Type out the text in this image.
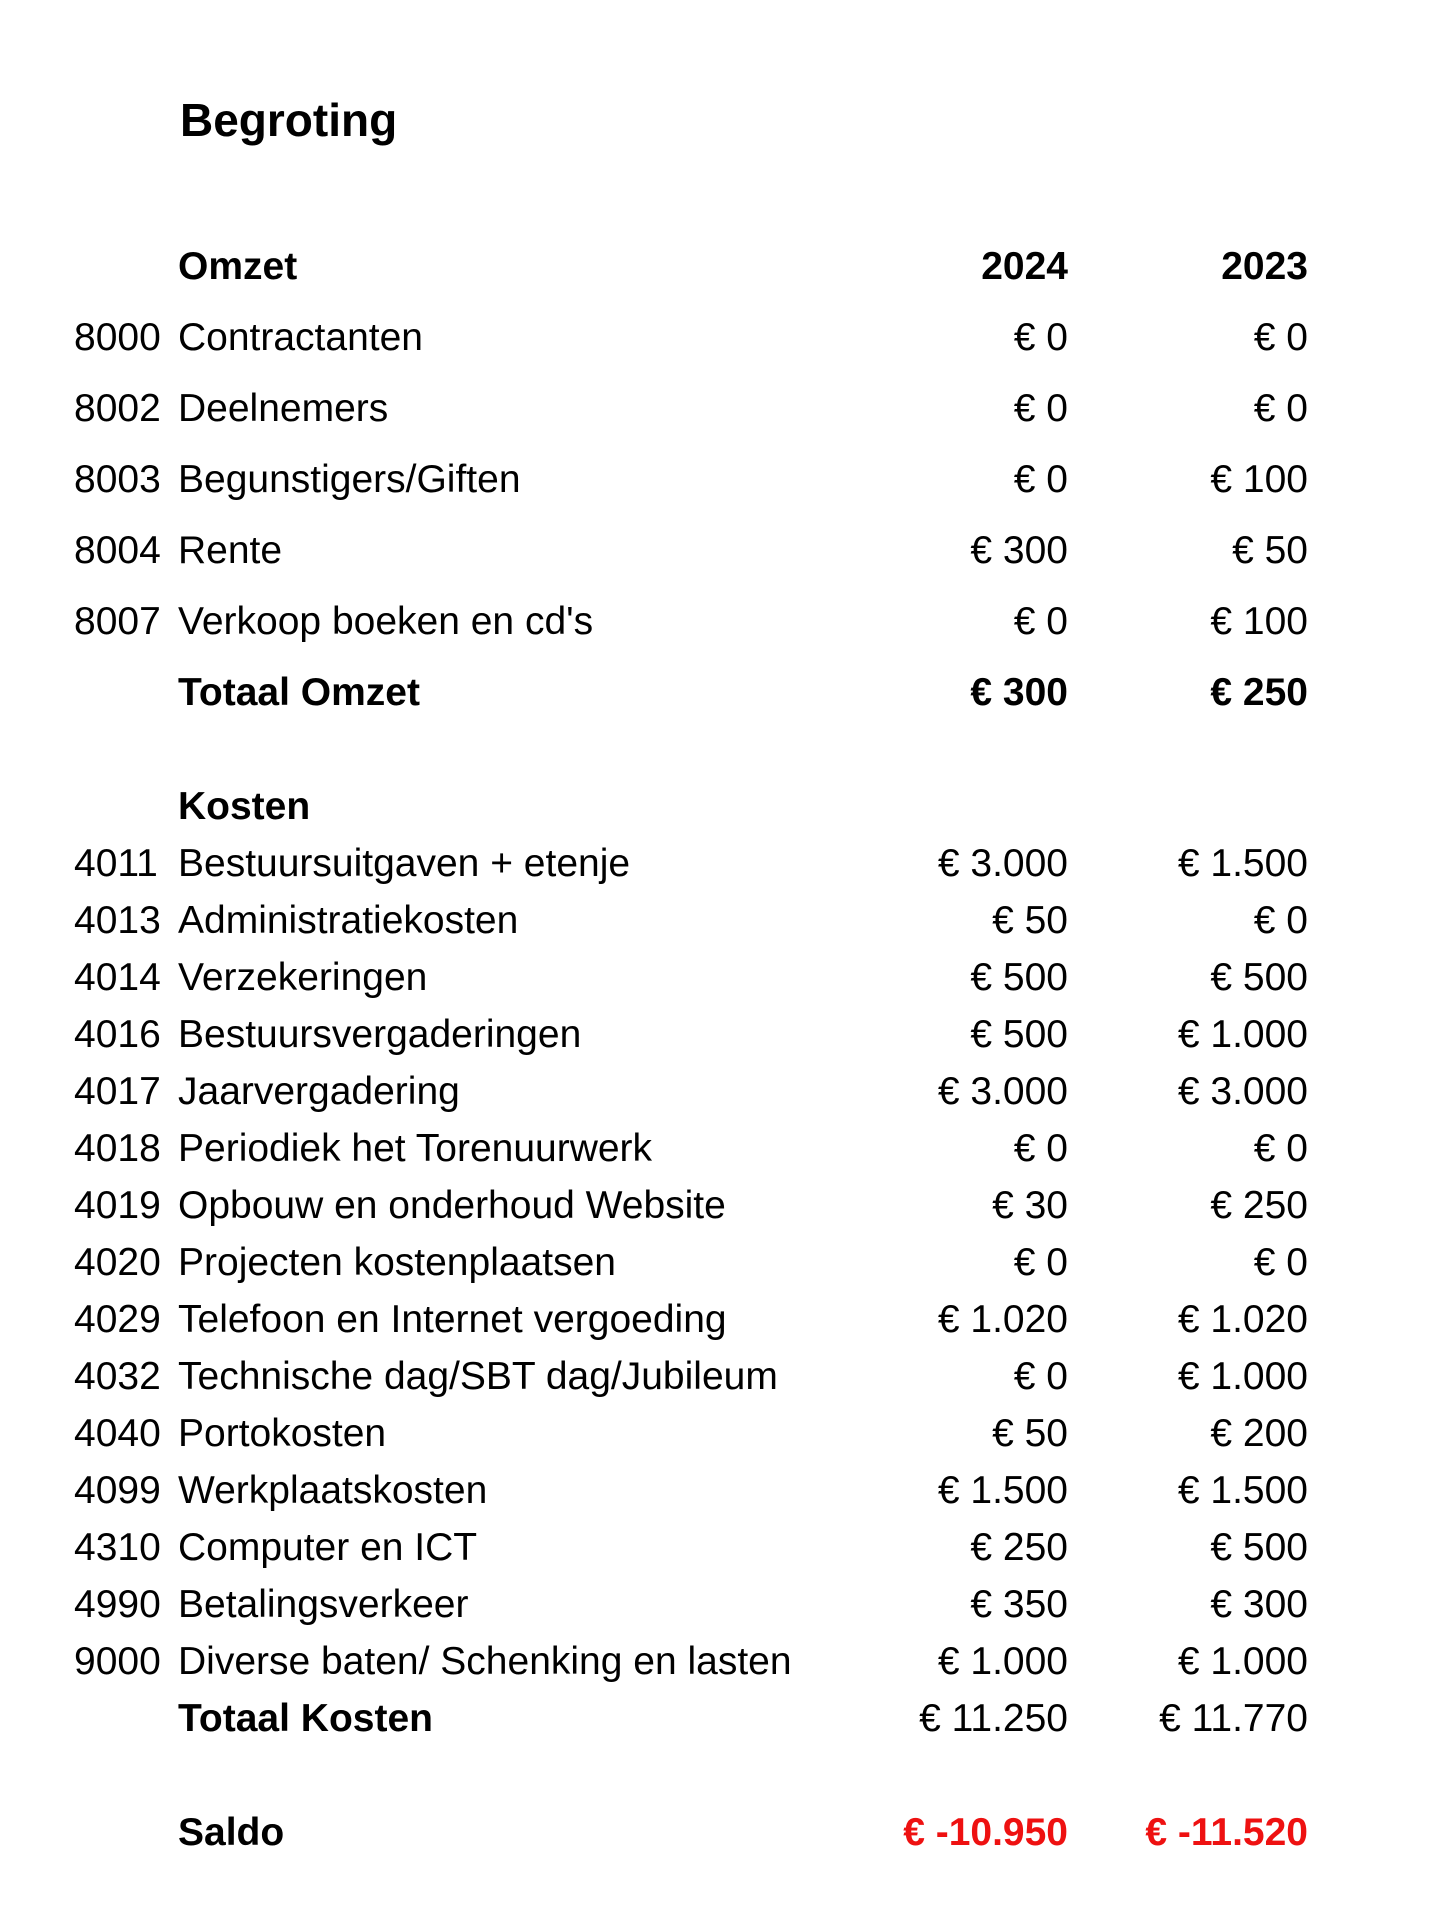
Begroting
Omzet	2024	2023
8000 Contractanten	€ 0	€ 0
8002 Deelnemers	€ 0	€ 0
8003 Begunstigers/Giften	€ 0	€ 100
8004 Rente	€ 300	€ 50
8007 Verkoop boeken en cd's	€ 0	€ 100
Totaal Omzet	€ 300	€ 250
Kosten
4011 Bestuursuitgaven + etenje	€ 3.000	€ 1.500
4013 Administratiekosten	€ 50	€ 0
4014 Verzekeringen	€ 500	€ 500
4016 Bestuursvergaderingen	€ 500	€ 1.000
4017 Jaarvergadering	€ 3.000	€ 3.000
4018 Periodiek het Torenuurwerk	€ 0	€ 0
4019 Opbouw en onderhoud Website	€ 30	€ 250
4020 Projecten kostenplaatsen	€ 0	€ 0
4029 Telefoon en Internet vergoeding	€ 1.020	€ 1.020
4032 Technische dag/SBT dag/Jubileum	€ 0	€ 1.000
4040 Portokosten	€ 50	€ 200
4099 Werkplaatskosten	€ 1.500	€ 1.500
4310 Computer en ICT	€ 250	€ 500
4990 Betalingsverkeer	€ 350	€ 300
9000 Diverse baten/ Schenking en lasten	€ 1.000	€ 1.000
Totaal Kosten	€ 11.250 € 11.770
Saldo	€ -10.950 € -11.520
